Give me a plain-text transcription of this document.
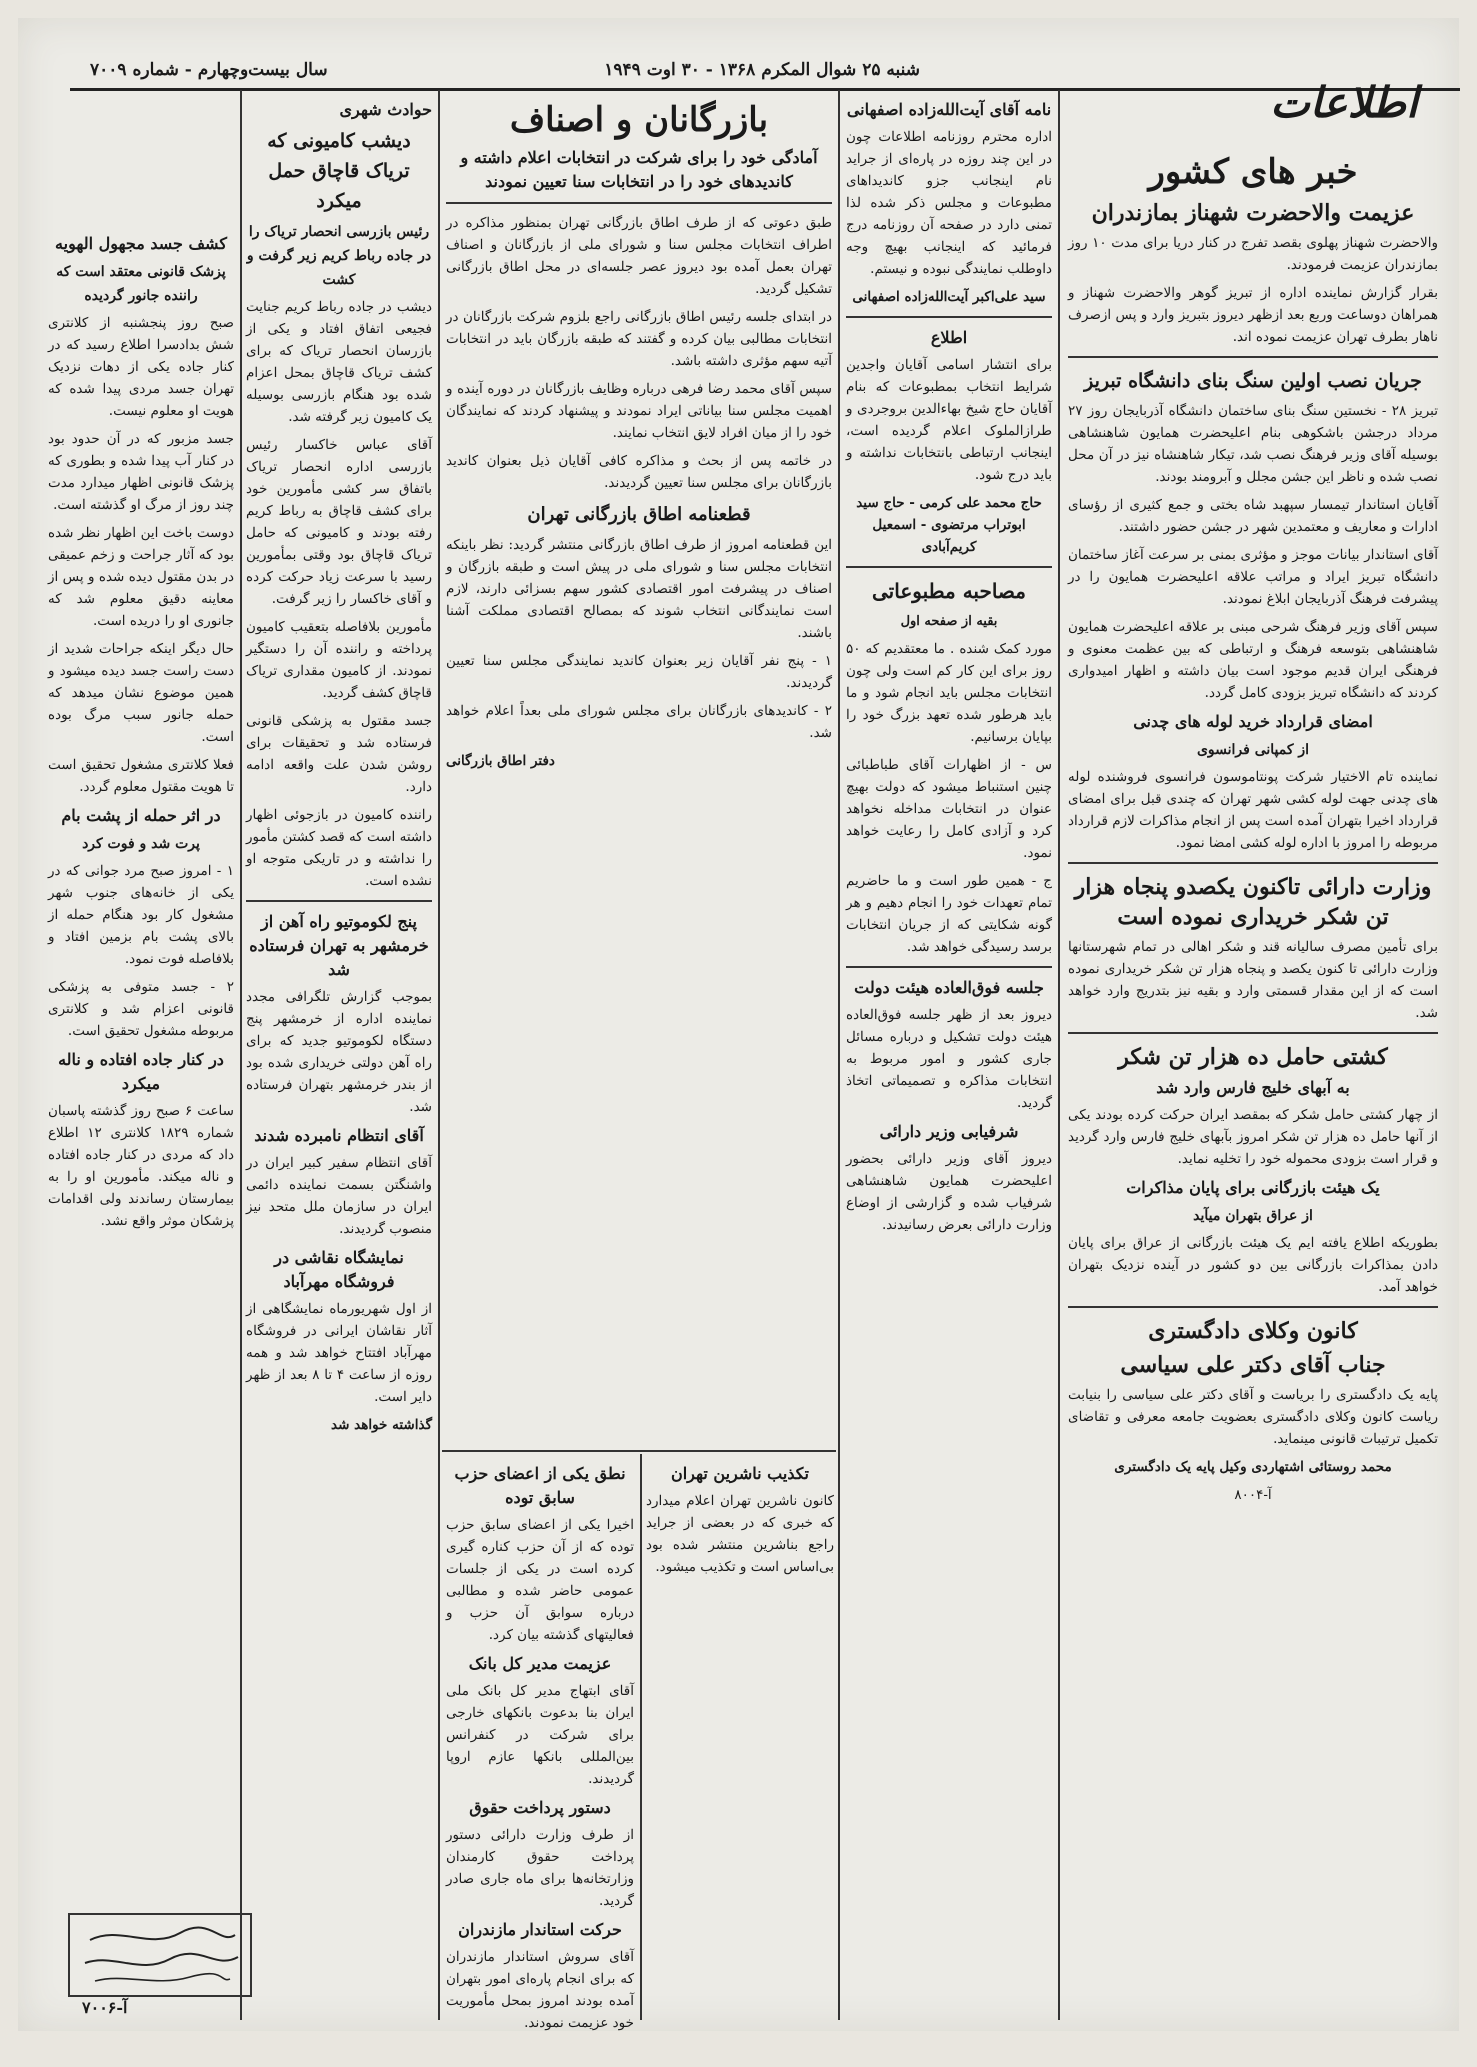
شنبه ۲۵ شوال المکرم ۱۳۶۸ - ۳۰ اوت ۱۹۴۹
سال بیست‌وچهارم - شماره ۷۰۰۹
اطلاعات
خبر های کشور
عزیمت والاحضرت شهناز بمازندران

والاحضرت شهناز پهلوی بقصد تفرج در کنار دریا برای مدت ۱۰ روز بمازندران عزیمت فرمودند.

بقرار گزارش نماینده اداره از تبریز گوهر والاحضرت شهناز و همراهان دوساعت وربع بعد ازظهر دیروز بتبریز وارد و پس ازصرف ناهار بطرف تهران عزیمت نموده اند.

جریان نصب اولین سنگ بنای دانشگاه تبریز

تبریز ۲۸ - نخستین سنگ بنای ساختمان دانشگاه آذربایجان روز ۲۷ مرداد درجشن باشکوهی بنام اعلیحضرت همایون شاهنشاهی بوسیله آقای وزیر فرهنگ نصب شد، تیکار شاهنشاه نیز در آن محل نصب شده و ناظر این جشن مجلل و آبرومند بودند.

آقایان استاندار تیمسار سپهبد شاه بختی و جمع کثیری از رؤسای ادارات و معاریف و معتمدین شهر در جشن حضور داشتند.

آقای استاندار بیانات موجز و مؤثری بمنی بر سرعت آغاز ساختمان دانشگاه تبریز ایراد و مراتب علاقه اعلیحضرت همایون را در پیشرفت فرهنگ آذربایجان ابلاغ نمودند.

سپس آقای وزیر فرهنگ شرحی مبنی بر علاقه اعلیحضرت همایون شاهنشاهی بتوسعه فرهنگ و ارتباطی که بین عظمت معنوی و فرهنگی ایران قدیم موجود است بیان داشته و اظهار امیدواری کردند که دانشگاه تبریز بزودی کامل گردد.

امضای قرارداد خرید لوله های چدنی
از کمپانی فرانسوی

نماینده تام الاختیار شرکت پونتاموسون فرانسوی فروشنده لوله های چدنی جهت لوله کشی شهر تهران که چندی قبل برای امضای قرارداد اخیرا بتهران آمده است پس از انجام مذاکرات لازم قرارداد مربوطه را امروز با اداره لوله کشی امضا نمود.

وزارت دارائی تاکنون یکصدو پنجاه هزار تن شکر خریداری نموده است

برای تأمین مصرف سالیانه قند و شکر اهالی در تمام شهرستانها وزارت دارائی تا کنون یکصد و پنجاه هزار تن شکر خریداری نموده است که از این مقدار قسمتی وارد و بقیه نیز بتدریج وارد خواهد شد.

کشتی حامل ده هزار تن شکر
به آبهای خلیج فارس وارد شد

از چهار کشتی حامل شکر که بمقصد ایران حرکت کرده بودند یکی از آنها حامل ده هزار تن شکر امروز بآبهای خلیج فارس وارد گردید و قرار است بزودی محموله خود را تخلیه نماید.

یک هیئت بازرگانی برای پایان مذاکرات
از عراق بتهران میآید

بطوریکه اطلاع یافته ایم یک هیئت بازرگانی از عراق برای پایان دادن بمذاکرات بازرگانی بین دو کشور در آینده نزدیک بتهران خواهد آمد.

کانون وکلای دادگستری
جناب آقای دکتر علی سیاسی

پایه یک دادگستری را بریاست و آقای دکتر علی سیاسی را بنیابت ریاست کانون وکلای دادگستری بعضویت جامعه معرفی و تقاضای تکمیل ترتیبات قانونی مینماید.

محمد روستائی اشتهاردی وکیل پایه یک دادگستری

آ-۸۰۰۴

نامه آقای آیت‌الله‌زاده اصفهانی

اداره محترم روزنامه اطلاعات چون در این چند روزه در پاره‌ای از جراید نام اینجانب جزو کاندیداهای مطبوعات و مجلس ذکر شده لذا تمنی دارد در صفحه آن روزنامه درج فرمائید که اینجانب بهیچ وجه داوطلب نمایندگی نبوده و نیستم.

سید علی‌اکبر آیت‌الله‌زاده اصفهانی

اطلاع

برای انتشار اسامی آقایان واجدین شرایط انتخاب بمطبوعات که بنام آقایان حاج شیخ بهاء‌الدین بروجردی و طرازالملوک اعلام گردیده است، اینجانب ارتباطی بانتخابات نداشته و باید درج شود.

حاج محمد علی کرمی - حاج سید ابوتراب مرتضوی - اسمعیل کریم‌آبادی

مصاحبه مطبوعاتی
بقیه از صفحه اول

مورد کمک شنده . ما معتقدیم که ۵۰ روز برای این کار کم است ولی چون انتخابات مجلس باید انجام شود و ما باید هرطور شده تعهد بزرگ خود را بپایان برسانیم.

س - از اظهارات آقای طباطبائی چنین استنباط میشود که دولت بهیچ عنوان در انتخابات مداخله نخواهد کرد و آزادی کامل را رعایت خواهد نمود.

ج - همین طور است و ما حاضریم تمام تعهدات خود را انجام دهیم و هر گونه شکایتی که از جریان انتخابات برسد رسیدگی خواهد شد.

جلسه فوق‌العاده هیئت دولت

دیروز بعد از ظهر جلسه فوق‌العاده هیئت دولت تشکیل و درباره مسائل جاری کشور و امور مربوط به انتخابات مذاکره و تصمیماتی اتخاذ گردید.

شرفیابی وزیر دارائی

دیروز آقای وزیر دارائی بحضور اعلیحضرت همایون شاهنشاهی شرفیاب شده و گزارشی از اوضاع وزارت دارائی بعرض رسانیدند.

بازرگانان و اصناف
آمادگی خود را برای شرکت در انتخابات اعلام داشته و کاندیدهای خود را در انتخابات سنا تعیین نمودند

طبق دعوتی که از طرف اطاق بازرگانی تهران بمنظور مذاکره در اطراف انتخابات مجلس سنا و شورای ملی از بازرگانان و اصناف تهران بعمل آمده بود دیروز عصر جلسه‌ای در محل اطاق بازرگانی تشکیل گردید.

در ابتدای جلسه رئیس اطاق بازرگانی راجع بلزوم شرکت بازرگانان در انتخابات مطالبی بیان کرده و گفتند که طبقه بازرگان باید در انتخابات آتیه سهم مؤثری داشته باشد.

سپس آقای محمد رضا فرهی درباره وظایف بازرگانان در دوره آینده و اهمیت مجلس سنا بیاناتی ایراد نمودند و پیشنهاد کردند که نمایندگان خود را از میان افراد لایق انتخاب نمایند.

در خاتمه پس از بحث و مذاکره کافی آقایان ذیل بعنوان کاندید بازرگانان برای مجلس سنا تعیین گردیدند.

قطعنامه اطاق بازرگانی تهران

این قطعنامه امروز از طرف اطاق بازرگانی منتشر گردید: نظر باینکه انتخابات مجلس سنا و شورای ملی در پیش است و طبقه بازرگان و اصناف در پیشرفت امور اقتصادی کشور سهم بسزائی دارند، لازم است نمایندگانی انتخاب شوند که بمصالح اقتصادی مملکت آشنا باشند.

۱ - پنج نفر آقایان زیر بعنوان کاندید نمایندگی مجلس سنا تعیین گردیدند.

۲ - کاندیدهای بازرگانان برای مجلس شورای ملی بعداً اعلام خواهد شد.

دفتر اطاق بازرگانی

نطق یکی از اعضای حزب سابق توده

اخیرا یکی از اعضای سابق حزب توده که از آن حزب کناره گیری کرده است در یکی از جلسات عمومی حاضر شده و مطالبی درباره سوابق آن حزب و فعالیتهای گذشته بیان کرد.

عزیمت مدیر کل بانک

آقای ابتهاج مدیر کل بانک ملی ایران بنا بدعوت بانکهای خارجی برای شرکت در کنفرانس بین‌المللی بانکها عازم اروپا گردیدند.

دستور پرداخت حقوق

از طرف وزارت دارائی دستور پرداخت حقوق کارمندان وزارتخانه‌ها برای ماه جاری صادر گردید.

حرکت استاندار مازندران

آقای سروش استاندار مازندران که برای انجام پاره‌ای امور بتهران آمده بودند امروز بمحل مأموریت خود عزیمت نمودند.

تکذیب ناشرین تهران

کانون ناشرین تهران اعلام میدارد که خبری که در بعضی از جراید راجع بناشرین منتشر شده بود بی‌اساس است و تکذیب میشود.

حوادث شهری
دیشب کامیونی که تریاک قاچاق حمل میکرد
رئیس بازرسی انحصار تریاک را در جاده رباط کریم زیر گرفت و کشت

دیشب در جاده رباط کریم جنایت فجیعی اتفاق افتاد و یکی از بازرسان انحصار تریاک که برای کشف تریاک قاچاق بمحل اعزام شده بود هنگام بازرسی بوسیله یک کامیون زیر گرفته شد.

آقای عباس خاکسار رئیس بازرسی اداره انحصار تریاک باتفاق سر کشی مأمورین خود برای کشف قاچاق به رباط کریم رفته بودند و کامیونی که حامل تریاک قاچاق بود وقتی بمأمورین رسید با سرعت زیاد حرکت کرده و آقای خاکسار را زیر گرفت.

مأمورین بلافاصله بتعقیب کامیون پرداخته و راننده آن را دستگیر نمودند. از کامیون مقداری تریاک قاچاق کشف گردید.

جسد مقتول به پزشکی قانونی فرستاده شد و تحقیقات برای روشن شدن علت واقعه ادامه دارد.

راننده کامیون در بازجوئی اظهار داشته است که قصد کشتن مأمور را نداشته و در تاریکی متوجه او نشده است.

پنج لکوموتیو راه آهن از خرمشهر به تهران فرستاده شد

بموجب گزارش تلگرافی مجدد نماینده اداره از خرمشهر پنج دستگاه لکوموتیو جدید که برای راه آهن دولتی خریداری شده بود از بندر خرمشهر بتهران فرستاده شد.

آقای انتظام نامبرده شدند

آقای انتظام سفیر کبیر ایران در واشنگتن بسمت نماینده دائمی ایران در سازمان ملل متحد نیز منصوب گردیدند.

نمایشگاه نقاشی در فروشگاه مهرآباد

از اول شهریورماه نمایشگاهی از آثار نقاشان ایرانی در فروشگاه مهرآباد افتتاح خواهد شد و همه روزه از ساعت ۴ تا ۸ بعد از ظهر دایر است.

گذاشته خواهد شد

کشف جسد مجهول الهویه
پزشک قانونی معتقد است که راننده جانور گردیده

صبح روز پنجشنبه از کلانتری شش بدادسرا اطلاع رسید که در کنار جاده یکی از دهات نزدیک تهران جسد مردی پیدا شده که هویت او معلوم نیست.

جسد مزبور که در آن حدود بود در کنار آب پیدا شده و بطوری که پزشک قانونی اظهار میدارد مدت چند روز از مرگ او گذشته است.

دوست باخت این اظهار نظر شده بود که آثار جراحت و زخم عمیقی در بدن مقتول دیده شده و پس از معاینه دقیق معلوم شد که جانوری او را دریده است.

حال دیگر اینکه جراحات شدید از دست راست جسد دیده میشود و همین موضوع نشان میدهد که حمله جانور سبب مرگ بوده است.

فعلا کلانتری مشغول تحقیق است تا هویت مقتول معلوم گردد.

در اثر حمله از پشت بام
پرت شد و فوت کرد

۱ - امروز صبح مرد جوانی که در یکی از خانه‌های جنوب شهر مشغول کار بود هنگام حمله از بالای پشت بام بزمین افتاد و بلافاصله فوت نمود.

۲ - جسد متوفی به پزشکی قانونی اعزام شد و کلانتری مربوطه مشغول تحقیق است.

در کنار جاده افتاده و ناله میکرد

ساعت ۶ صبح روز گذشته پاسبان شماره ۱۸۲۹ کلانتری ۱۲ اطلاع داد که مردی در کنار جاده افتاده و ناله میکند. مأمورین او را به بیمارستان رساندند ولی اقدامات پزشکان موثر واقع نشد.

آ-۷۰۰۶
